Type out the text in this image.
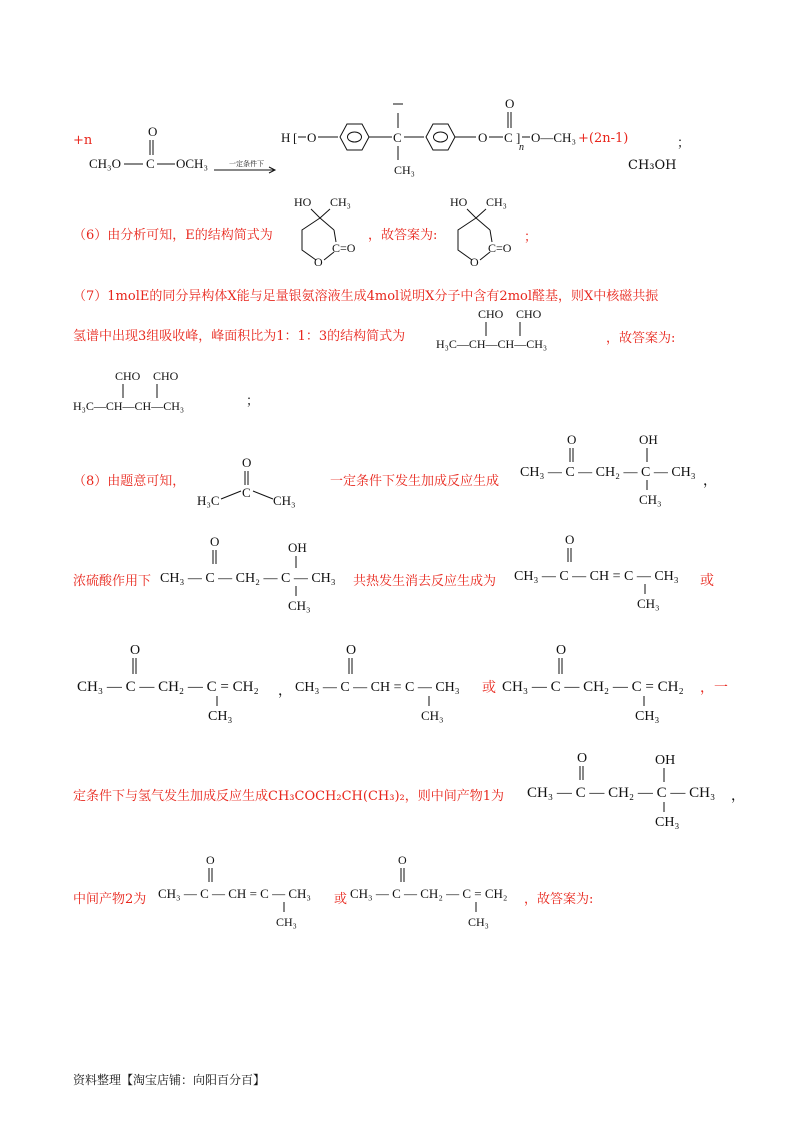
+n
O
CH₃O C OCH₃	一定条件下
H [ O	C
CH₃
O
O
C ]
n
O—CH₃ +(2n-1)	；
CH₃OH
（6）由分析可知，E的结构简式为
HO CH₃
O
C=O
，故答案为:
HO CH₃
O
C=O
；
（7）1molE的同分异构体X能与足量银氨溶液生成4mol说明X分子中含有2mol醛基，则X中核磁共振
氢谱中出现3组吸收峰，峰面积比为1：1：3的结构简式为
CHO CHO
H₃C—CH—CH—CH₃	，故答案为:
CHO CHO
H₃C—CH—CH—CH₃	；
（8）由题意可知，
O
C
H₃C	CH₃
一定条件下发生加成反应生成
O	OH
CH₃ — C — CH₂ — C — CH₃
CH₃
，
浓硫酸作用下
O	OH
CH₃ — C — CH₂ — C — CH₃
CH₃
共热发生消去反应生成为
O
CH₃ — C — CH = C — CH₃
CH₃
或
O
CH₃ — C — CH₂ — C = CH₂
CH₃
，
O
CH₃ — C — CH = C — CH₃
CH₃
或
O
CH₃ — C — CH₂ — C = CH₂
CH₃
，一
定条件下与氢气发生加成反应生成CH₃COCH₂CH(CH₃)₂，则中间产物1为
O	OH
CH₃ — C — CH₂ — C — CH₃
CH₃
，
中间产物2为
O
CH₃ — C — CH = C — CH₃
CH₃
或
O
CH₃ — C — CH₂ — C = CH₂
CH₃
，故答案为:
资料整理【淘宝店铺：向阳百分百】
